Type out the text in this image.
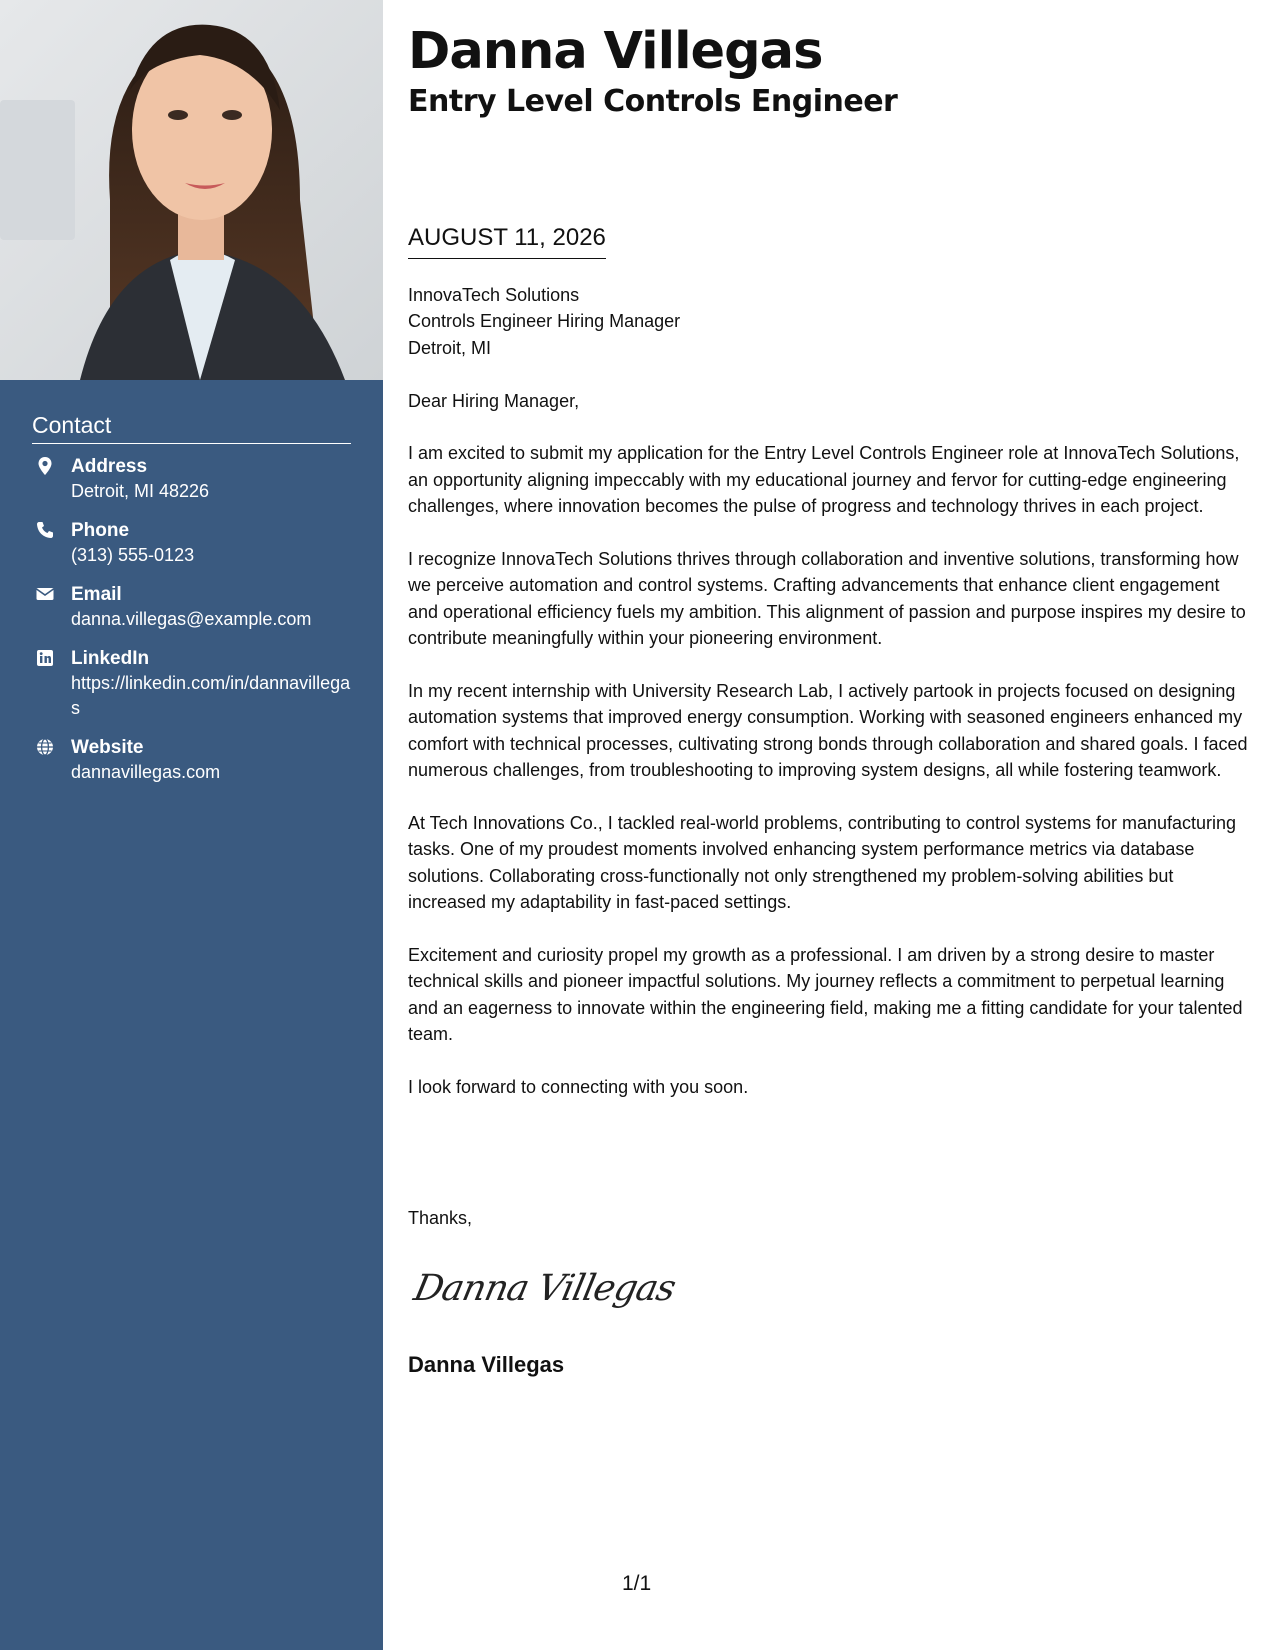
Contact
Address
Detroit, MI 48226
Phone
(313) 555-0123
Email
danna.villegas@example.com
LinkedIn
https://linkedin.com/in/dannavillegas
Website
dannavillegas.com
Danna Villegas
Entry Level Controls Engineer
AUGUST 11, 2026
InnovaTech Solutions
Controls Engineer Hiring Manager
Detroit, MI

Dear Hiring Manager,

I am excited to submit my application for the Entry Level Controls Engineer role at InnovaTech Solutions, an opportunity aligning impeccably with my educational journey and fervor for cutting-edge engineering challenges, where innovation becomes the pulse of progress and technology thrives in each project.

I recognize InnovaTech Solutions thrives through collaboration and inventive solutions, transforming how we perceive automation and control systems. Crafting advancements that enhance client engagement and operational efficiency fuels my ambition. This alignment of passion and purpose inspires my desire to contribute meaningfully within your pioneering environment.

In my recent internship with University Research Lab, I actively partook in projects focused on designing automation systems that improved energy consumption. Working with seasoned engineers enhanced my comfort with technical processes, cultivating strong bonds through collaboration and shared goals. I faced numerous challenges, from troubleshooting to improving system designs, all while fostering teamwork.

At Tech Innovations Co., I tackled real-world problems, contributing to control systems for manufacturing tasks. One of my proudest moments involved enhancing system performance metrics via database solutions. Collaborating cross-functionally not only strengthened my problem-solving abilities but increased my adaptability in fast-paced settings.

Excitement and curiosity propel my growth as a professional. I am driven by a strong desire to master technical skills and pioneer impactful solutions. My journey reflects a commitment to perpetual learning and an eagerness to innovate within the engineering field, making me a fitting candidate for your talented team.

I look forward to connecting with you soon.

Thanks,
Danna Villegas
Danna Villegas
1/1
